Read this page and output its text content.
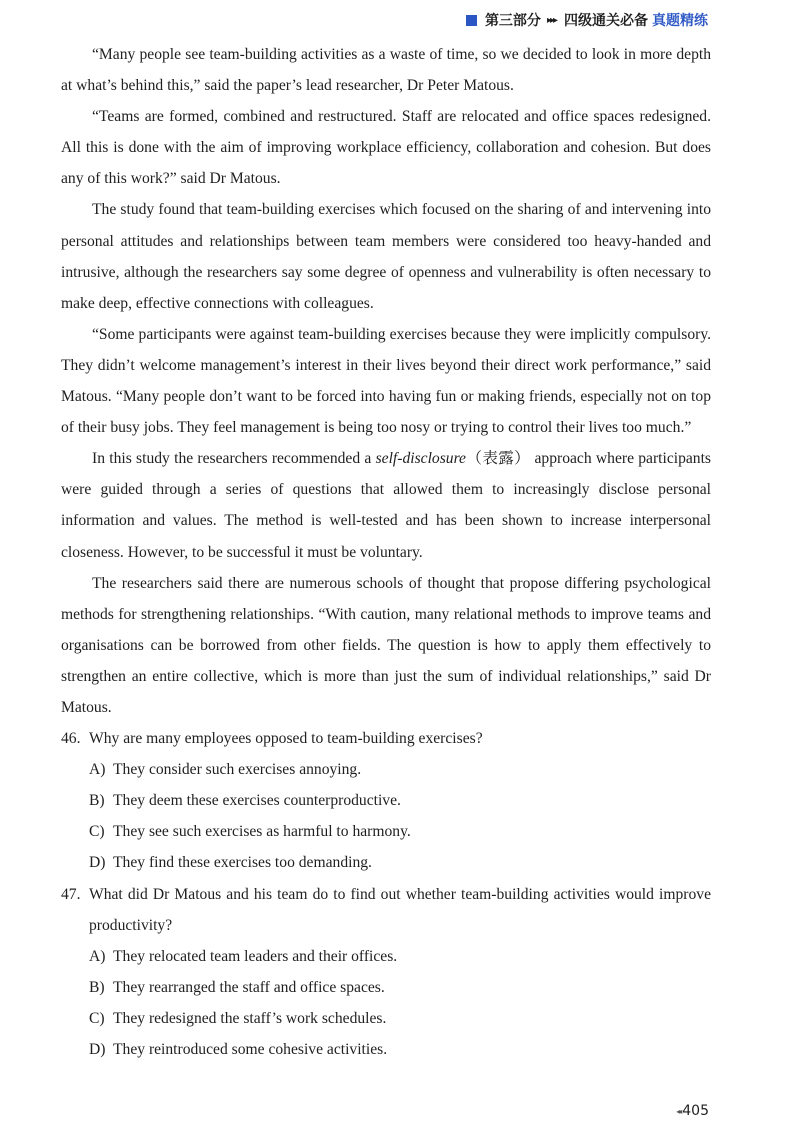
第三部分 ▸▸▸ 四级通关必备 真题精练

“Many people see team-building activities as a waste of time, so we decided to look in more depth at what’s behind this,” said the paper’s lead researcher, Dr Peter Matous.

“Teams are formed, combined and restructured. Staff are relocated and office spaces redesigned. All this is done with the aim of improving workplace efficiency, collaboration and cohesion. But does any of this work?” said Dr Matous.

The study found that team-building exercises which focused on the sharing of and intervening into personal attitudes and relationships between team members were considered too heavy-handed and intrusive, although the researchers say some degree of openness and vulnerability is often necessary to make deep, effective connections with colleagues.

“Some participants were against team-building exercises because they were implicitly compulsory. They didn’t welcome management’s interest in their lives beyond their direct work performance,” said Matous. “Many people don’t want to be forced into having fun or making friends, especially not on top of their busy jobs. They feel management is being too nosy or trying to control their lives too much.”

In this study the researchers recommended a self-disclosure（表露） approach where participants were guided through a series of questions that allowed them to increasingly disclose personal information and values. The method is well-tested and has been shown to increase interpersonal closeness. However, to be successful it must be voluntary.

The researchers said there are numerous schools of thought that propose differing psychological methods for strengthening relationships. “With caution, many relational methods to improve teams and organisations can be borrowed from other fields. The question is how to apply them effectively to strengthen an entire collective, which is more than just the sum of individual relationships,” said Dr Matous.

46. Why are many employees opposed to team-building exercises?
A) They consider such exercises annoying.
B) They deem these exercises counterproductive.
C) They see such exercises as harmful to harmony.
D) They find these exercises too demanding.
47. What did Dr Matous and his team do to find out whether team-building activities would improve productivity?
A) They relocated team leaders and their offices.
B) They rearranged the staff and office spaces.
C) They redesigned the staff’s work schedules.
D) They reintroduced some cohesive activities.
◂◂ 405
